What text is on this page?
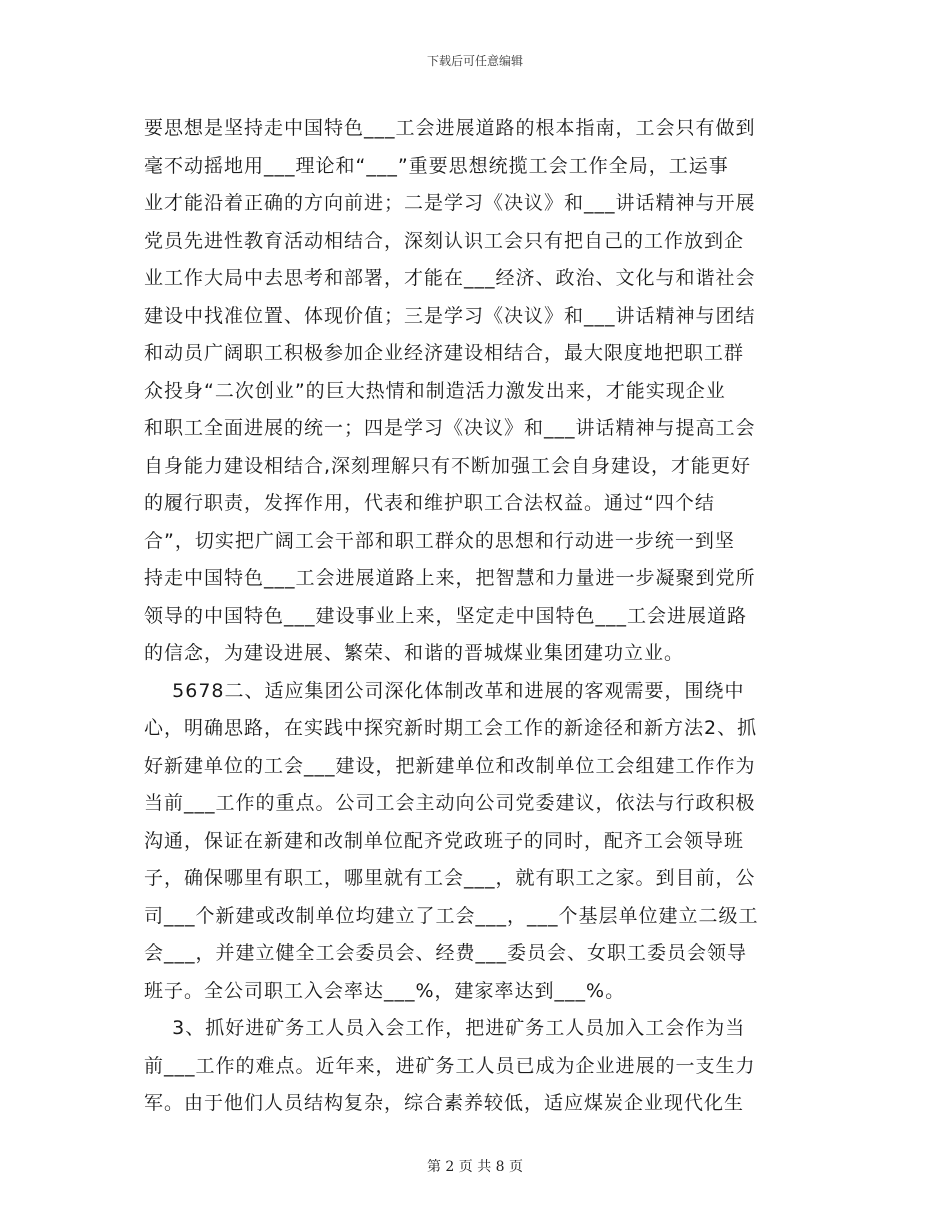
下载后可任意编辑
要思想是坚持走中国特色___工会进展道路的根本指南，工会只有做到
毫不动摇地用___理论和“___”重要思想统揽工会工作全局，工运事
业才能沿着正确的方向前进；二是学习《决议》和___讲话精神与开展
党员先进性教育活动相结合，深刻认识工会只有把自己的工作放到企
业工作大局中去思考和部署，才能在___经济、政治、文化与和谐社会
建设中找准位置、体现价值；三是学习《决议》和___讲话精神与团结
和动员广阔职工积极参加企业经济建设相结合，最大限度地把职工群
众投身“二次创业”的巨大热情和制造活力激发出来，才能实现企业
和职工全面进展的统一；四是学习《决议》和___讲话精神与提高工会
自身能力建设相结合,深刻理解只有不断加强工会自身建设，才能更好
的履行职责，发挥作用，代表和维护职工合法权益。通过“四个结
合”，切实把广阔工会干部和职工群众的思想和行动进一步统一到坚
持走中国特色___工会进展道路上来，把智慧和力量进一步凝聚到党所
领导的中国特色___建设事业上来，坚定走中国特色___工会进展道路
的信念，为建设进展、繁荣、和谐的晋城煤业集团建功立业。
5678二、适应集团公司深化体制改革和进展的客观需要，围绕中
心，明确思路，在实践中探究新时期工会工作的新途径和新方法2、抓
好新建单位的工会___建设，把新建单位和改制单位工会组建工作作为
当前___工作的重点。公司工会主动向公司党委建议，依法与行政积极
沟通，保证在新建和改制单位配齐党政班子的同时，配齐工会领导班
子，确保哪里有职工，哪里就有工会___，就有职工之家。到目前，公
司___个新建或改制单位均建立了工会___，___个基层单位建立二级工
会___，并建立健全工会委员会、经费___委员会、女职工委员会领导
班子。全公司职工入会率达___%，建家率达到___%。
3、抓好进矿务工人员入会工作，把进矿务工人员加入工会作为当
前___工作的难点。近年来，进矿务工人员已成为企业进展的一支生力
军。由于他们人员结构复杂，综合素养较低，适应煤炭企业现代化生
第 2 页 共 8 页
